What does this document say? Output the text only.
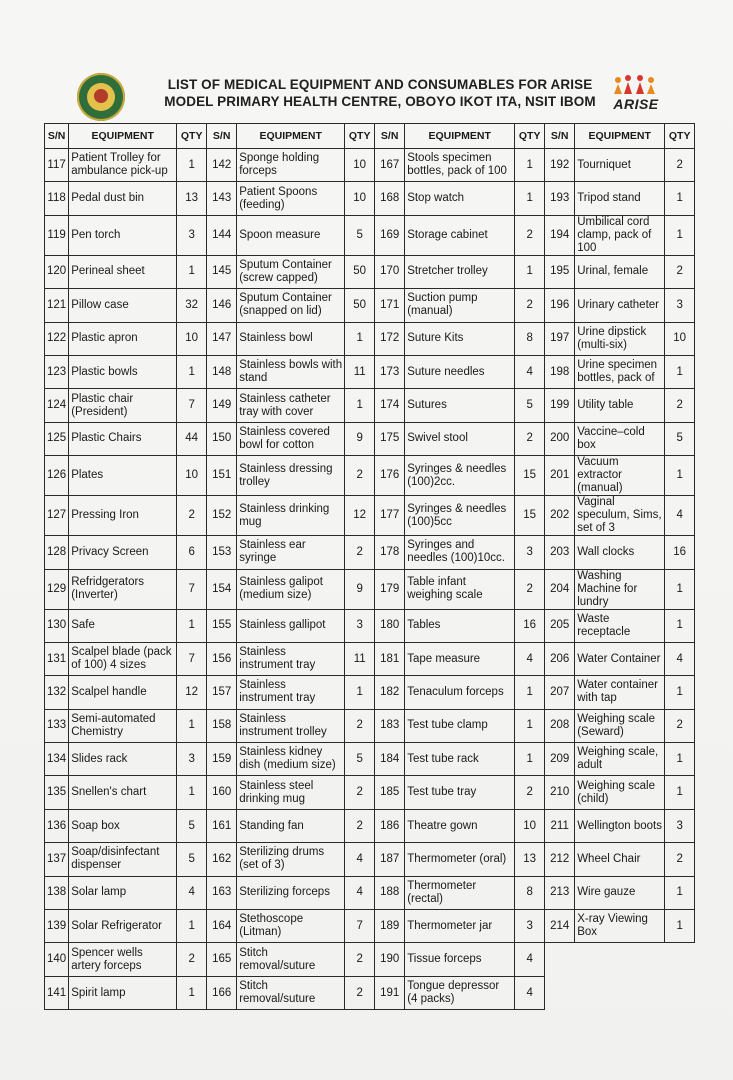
LIST OF MEDICAL EQUIPMENT AND CONSUMABLES FOR ARISE
MODEL PRIMARY HEALTH CENTRE, OBOYO IKOT ITA, NSIT IBOM	ARISE
S/N	EQUIPMENT	QTY	S/N	EQUIPMENT	QTY	S/N	EQUIPMENT	QTY	S/N	EQUIPMENT	QTY
117	Patient Trolley for ambulance pick-up	1	142	Sponge holding forceps	10	167	Stools specimen bottles, pack of 100	1	192	Tourniquet	2
118	Pedal dust bin	13	143	Patient Spoons (feeding)	10	168	Stop watch	1	193	Tripod stand	1
119	Pen torch	3	144	Spoon measure	5	169	Storage cabinet	2	194	Umbilical cord clamp, pack of 100	1
120	Perineal sheet	1	145	Sputum Container (screw capped)	50	170	Stretcher trolley	1	195	Urinal, female	2
121	Pillow case	32	146	Sputum Container (snapped on lid)	50	171	Suction pump (manual)	2	196	Urinary catheter	3
122	Plastic apron	10	147	Stainless bowl	1	172	Suture Kits	8	197	Urine dipstick (multi-six)	10
123	Plastic bowls	1	148	Stainless bowls with stand	11	173	Suture needles	4	198	Urine specimen bottles, pack of	1
124	Plastic chair (President)	7	149	Stainless catheter tray with cover	1	174	Sutures	5	199	Utility table	2
125	Plastic Chairs	44	150	Stainless covered bowl for cotton	9	175	Swivel stool	2	200	Vaccine–cold box	5
126	Plates	10	151	Stainless dressing trolley	2	176	Syringes & needles (100)2cc.	15	201	Vacuum extractor (manual)	1
127	Pressing Iron	2	152	Stainless drinking mug	12	177	Syringes & needles (100)5cc	15	202	Vaginal speculum, Sims, set of 3	4
128	Privacy Screen	6	153	Stainless ear syringe	2	178	Syringes and needles (100)10cc.	3	203	Wall clocks	16
129	Refridgerators (Inverter)	7	154	Stainless galipot (medium size)	9	179	Table infant weighing scale	2	204	Washing Machine for lundry	1
130	Safe	1	155	Stainless gallipot	3	180	Tables	16	205	Waste receptacle	1
131	Scalpel blade (pack of 100) 4 sizes	7	156	Stainless instrument tray	11	181	Tape measure	4	206	Water Container	4
132	Scalpel handle	12	157	Stainless instrument tray	1	182	Tenaculum forceps	1	207	Water container with tap	1
133	Semi-automated Chemistry	1	158	Stainless instrument trolley	2	183	Test tube clamp	1	208	Weighing scale (Seward)	2
134	Slides rack	3	159	Stainless kidney dish (medium size)	5	184	Test tube rack	1	209	Weighing scale, adult	1
135	Snellen's chart	1	160	Stainless steel drinking mug	2	185	Test tube tray	2	210	Weighing scale (child)	1
136	Soap box	5	161	Standing fan	2	186	Theatre gown	10	211	Wellington boots	3
137	Soap/disinfectant dispenser	5	162	Sterilizing drums (set of 3)	4	187	Thermometer (oral)	13	212	Wheel Chair	2
138	Solar lamp	4	163	Sterilizing forceps	4	188	Thermometer (rectal)	8	213	Wire gauze	1
139	Solar Refrigerator	1	164	Stethoscope (Litman)	7	189	Thermometer jar	3	214	X-ray Viewing Box	1
140	Spencer wells artery forceps	2	165	Stitch removal/suture	2	190	Tissue forceps	4			
141	Spirit lamp	1	166	Stitch removal/suture	2	191	Tongue depressor (4 packs)	4			
